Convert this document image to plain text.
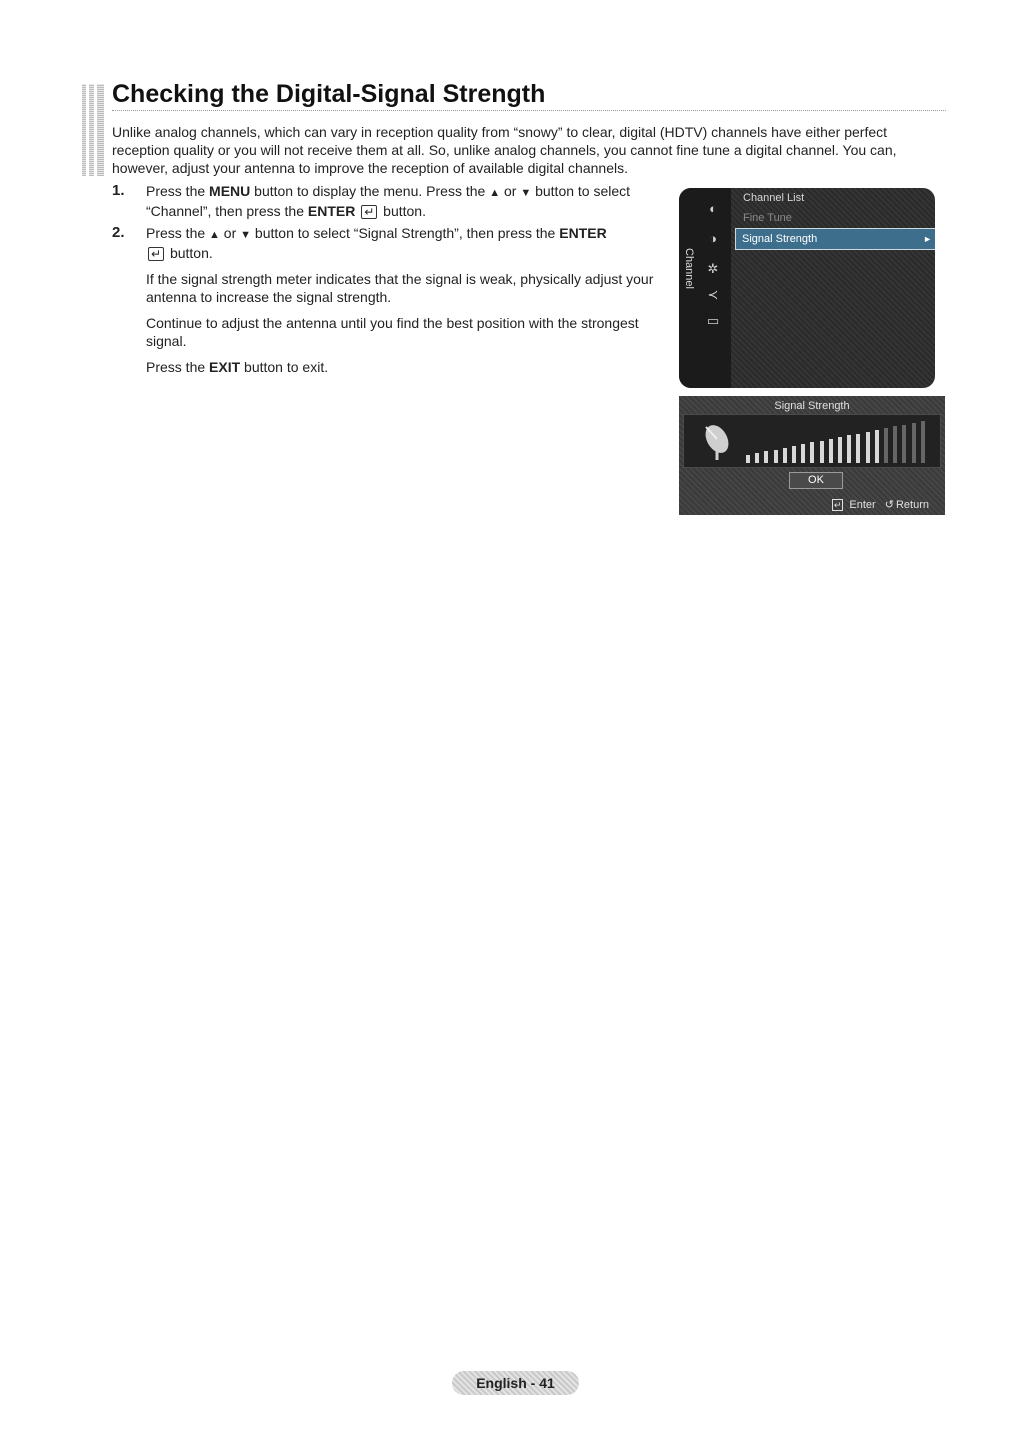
Checking the Digital-Signal Strength

Unlike analog channels, which can vary in reception quality from “snowy” to clear, digital (HDTV) channels have either perfect reception quality or you will not receive them at all. So, unlike analog channels, you cannot fine tune a digital channel. You can, however, adjust your antenna to improve the reception of available digital channels.

1. Press the MENU button to display the menu. Press the ▲ or ▼ button to select “Channel”, then press the ENTER ↵ button.

2. Press the ▲ or ▼ button to select “Signal Strength”, then press the ENTER
↵ button.

If the signal strength meter indicates that the signal is weak, physically adjust your antenna to increase the signal strength.

Continue to adjust the antenna until you find the best position with the strongest signal.

Press the EXIT button to exit.

Channel
◐
◑
✲
≺
▭
Channel List
Fine Tune
Signal Strength	►
Signal Strength
OK
↵ Enter ↺ Return
English - 41
